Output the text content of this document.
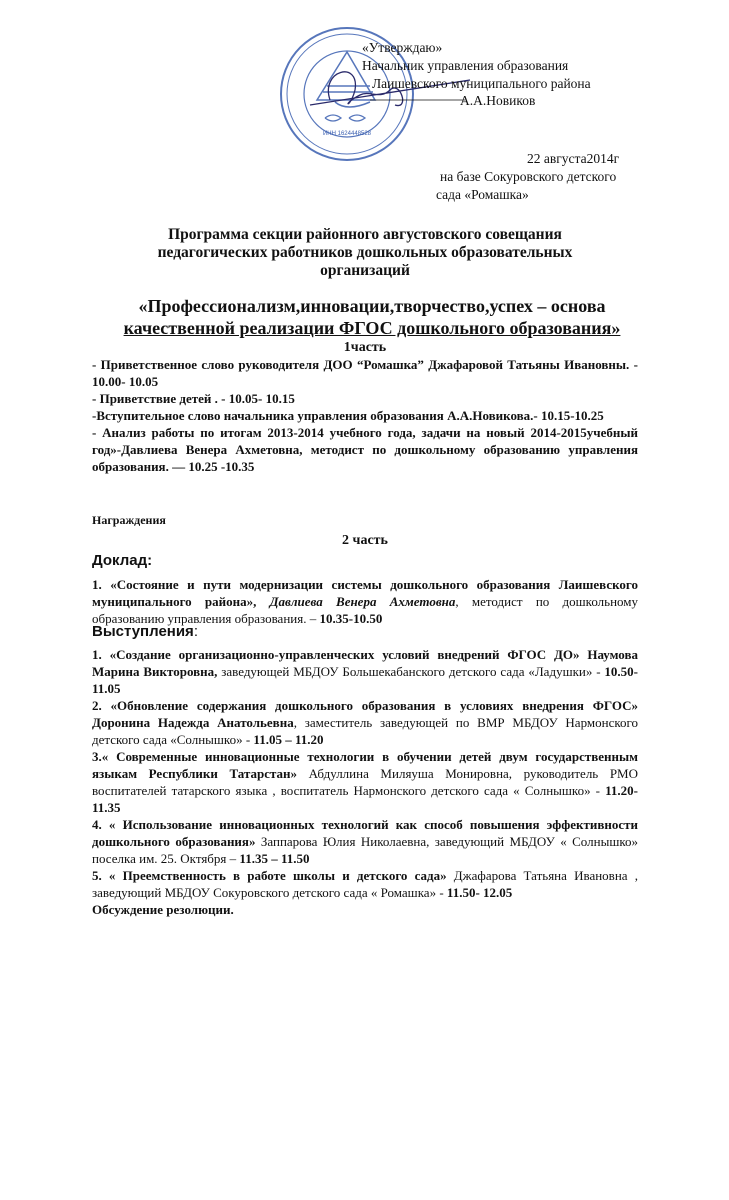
ИНН 1624448528
«Утверждаю»
Начальник управления образования
Лаишевского муниципального района
А.А.Новиков
22 августа2014г
на базе Сокуровского детского
сада «Ромашка»

Программа секции районного августовского совещания

педагогических работников дошкольных образовательных

организаций

«Профессионализм,инновации,творчество,успех – основа

качественной реализации ФГОС дошкольного образования»

1часть

- Приветственное слово руководителя ДОО “Ромашка” Джафаровой Татьяны Ивановны. - 10.00- 10.05

- Приветствие детей . - 10.05- 10.15

-Вступительное слово начальника управления образования А.А.Новикова.- 10.15-10.25

- Анализ работы по итогам 2013-2014 учебного года, задачи на новый 2014-2015учебный год»-Давлиева Венера Ахметовна, методист по дошкольному образованию управления образования. — 10.25 -10.35

Награждения
2 часть
Доклад:
1. «Состояние и пути модернизации системы дошкольного образования Лаишевского муниципального района», Давлиева Венера Ахметовна, методист по дошкольному образованию управления образования. – 10.35-10.50
Выступления:

1. «Создание организационно-управленческих условий внедрений ФГОС ДО» Наумова Марина Викторовна, заведующей МБДОУ Большекабанского детского сада «Ладушки» - 10.50-11.05

2. «Обновление содержания дошкольного образования в условиях внедрения ФГОС» Доронина Надежда Анатольевна, заместитель заведующей по ВМР МБДОУ Нармонского детского сада «Солнышко» - 11.05 – 11.20

3.« Современные инновационные технологии в обучении детей двум государственным языкам Республики Татарстан» Абдуллина Миляуша Монировна, руководитель РМО воспитателей татарского языка , воспитатель Нармонского детского сада « Солнышко» - 11.20-11.35

4. « Использование инновационных технологий как способ повышения эффективности дошкольного образования» Заппарова Юлия Николаевна, заведующий МБДОУ « Солнышко» поселка им. 25. Октября – 11.35 – 11.50

5. « Преемственность в работе школы и детского сада» Джафарова Татьяна Ивановна , заведующий МБДОУ Сокуровского детского сада « Ромашка» - 11.50- 12.05

Обсуждение резолюции.
